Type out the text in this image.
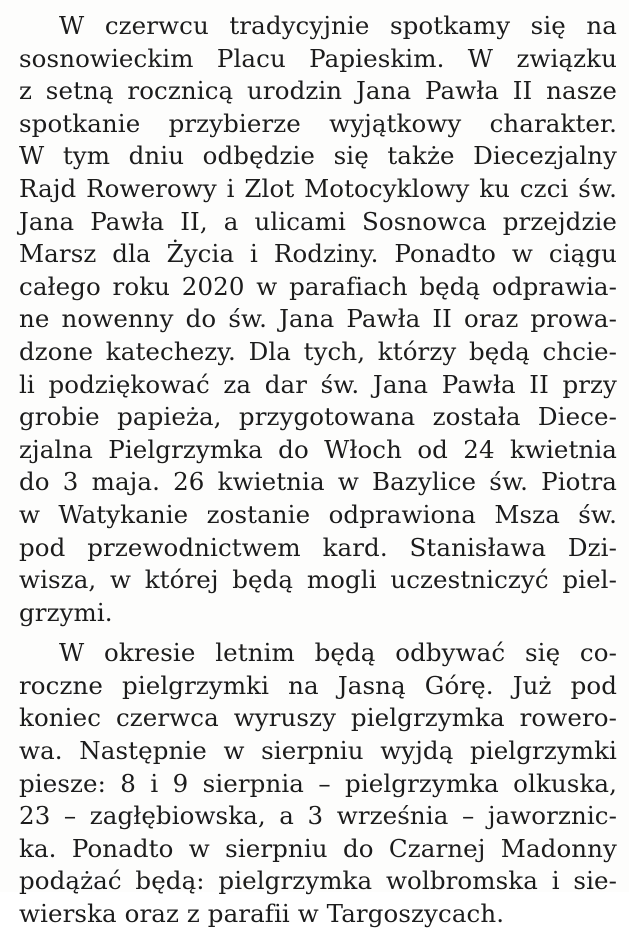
W czerwcu tradycyjnie spotkamy się na
sosnowieckim Placu Papieskim. W związku
z setną rocznicą urodzin Jana Pawła II nasze
spotkanie przybierze wyjątkowy charakter.
W tym dniu odbędzie się także Diecezjalny
Rajd Rowerowy i Zlot Motocyklowy ku czci św.
Jana Pawła II, a ulicami Sosnowca przejdzie
Marsz dla Życia i Rodziny. Ponadto w ciągu
całego roku 2020 w parafiach będą odprawia-
ne nowenny do św. Jana Pawła II oraz prowa-
dzone katechezy. Dla tych, którzy będą chcie-
li podziękować za dar św. Jana Pawła II przy
grobie papieża, przygotowana została Diece-
zjalna Pielgrzymka do Włoch od 24 kwietnia
do 3 maja. 26 kwietnia w Bazylice św. Piotra
w Watykanie zostanie odprawiona Msza św.
pod przewodnictwem kard. Stanisława Dzi-
wisza, w której będą mogli uczestniczyć piel-
grzymi.

W okresie letnim będą odbywać się co-
roczne pielgrzymki na Jasną Górę. Już pod
koniec czerwca wyruszy pielgrzymka rowero-
wa. Następnie w sierpniu wyjdą pielgrzymki
piesze: 8 i 9 sierpnia – pielgrzymka olkuska,
23 – zagłębiowska, a 3 września – jaworznic-
ka. Ponadto w sierpniu do Czarnej Madonny
podążać będą: pielgrzymka wolbromska i sie-
wierska oraz z parafii w Targoszycach.
